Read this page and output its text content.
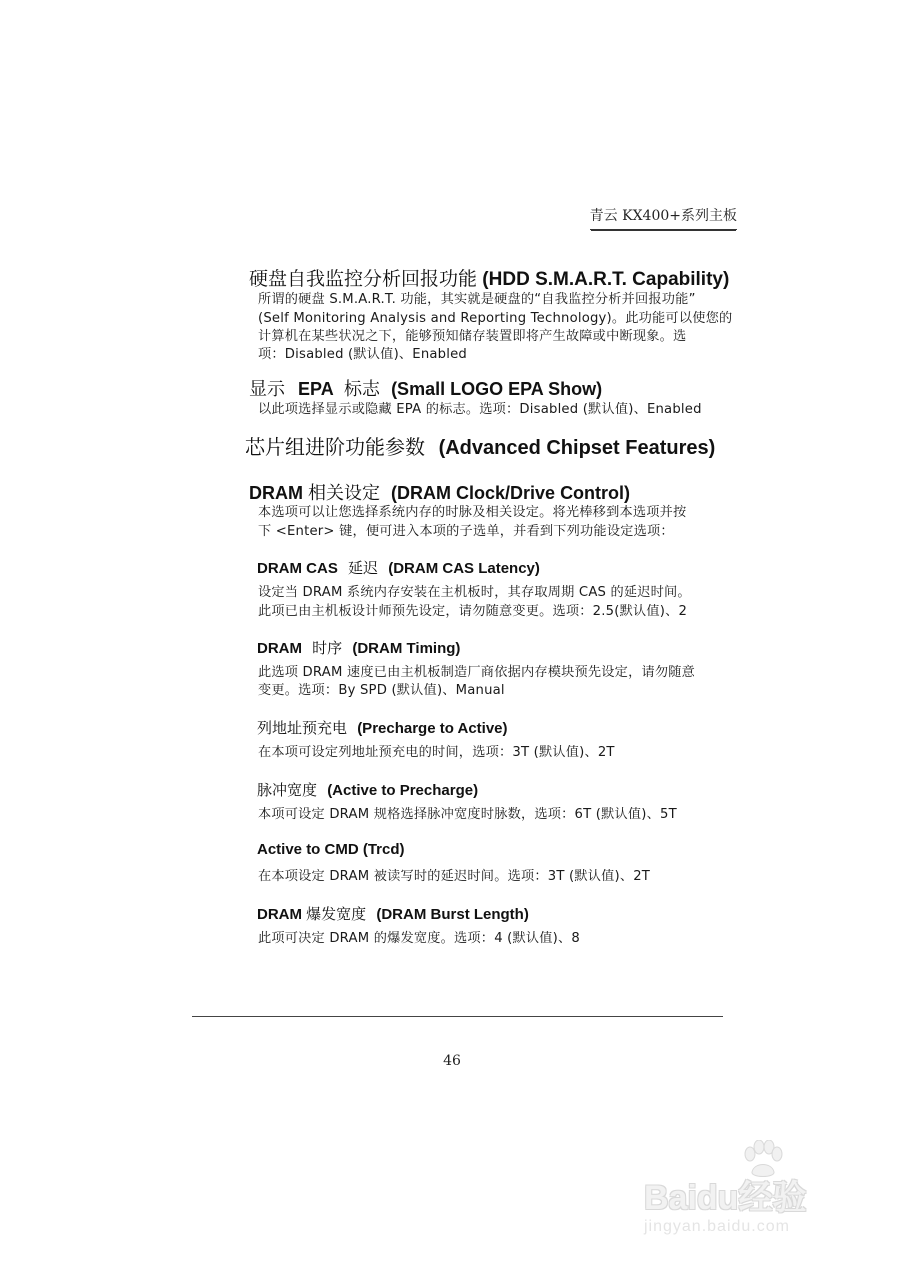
青云 KX400+系列主板
硬盘自我监控分析回报功能 (HDD S.M.A.R.T. Capability)
所谓的硬盘 S.M.A.R.T. 功能，其实就是硬盘的“自我监控分析并回报功能”
(Self Monitoring Analysis and Reporting Technology)。此功能可以使您的
计算机在某些状况之下，能够预知储存装置即将产生故障或中断现象。选
项：Disabled (默认值)、Enabled
显示 EPA 标志 (Small LOGO EPA Show)
以此项选择显示或隐藏 EPA 的标志。选项：Disabled (默认值)、Enabled
芯片组进阶功能参数 (Advanced Chipset Features)
DRAM 相关设定 (DRAM Clock/Drive Control)
本选项可以让您选择系统内存的时脉及相关设定。将光棒移到本选项并按
下 <Enter> 键，便可进入本项的子选单，并看到下列功能设定选项：
DRAM CAS 延迟 (DRAM CAS Latency)
设定当 DRAM 系统内存安装在主机板时，其存取周期 CAS 的延迟时间。
此项已由主机板设计师预先设定，请勿随意变更。选项：2.5(默认值)、2
DRAM 时序 (DRAM Timing)
此选项 DRAM 速度已由主机板制造厂商依据内存模块预先设定，请勿随意
变更。选项：By SPD (默认值)、Manual
列地址预充电 (Precharge to Active)
在本项可设定列地址预充电的时间，选项：3T (默认值)、2T
脉冲宽度 (Active to Precharge)
本项可设定 DRAM 规格选择脉冲宽度时脉数，选项：6T (默认值)、5T
Active to CMD (Trcd)
在本项设定 DRAM 被读写时的延迟时间。选项：3T (默认值)、2T
DRAM 爆发宽度 (DRAM Burst Length)
此项可决定 DRAM 的爆发宽度。选项：4 (默认值)、8
46
Baidu经验
jingyan.baidu.com
